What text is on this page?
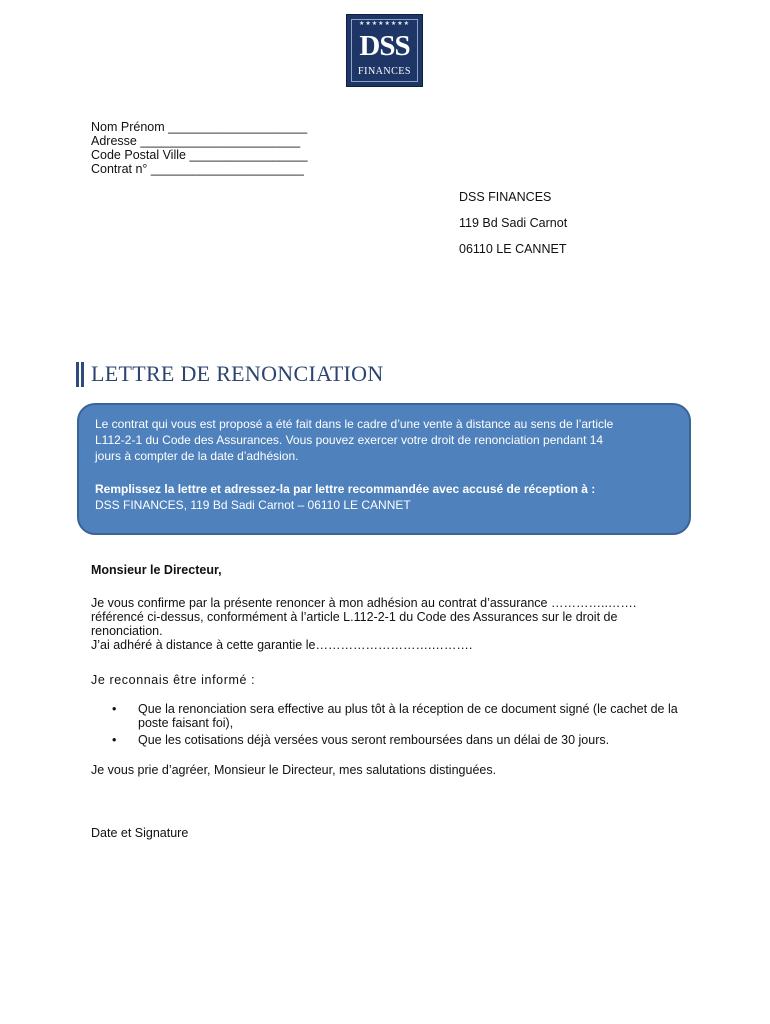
★★★★★★★★
DSS
FINANCES
Nom Prénom ____________________
Adresse _______________________
Code Postal Ville _________________
Contrat n° ______________________
DSS FINANCES
119 Bd Sadi Carnot
06110 LE CANNET
LETTRE DE RENONCIATION
Le contrat qui vous est proposé a été fait dans le cadre d’une vente à distance au sens de l’article
L112-2-1 du Code des Assurances. Vous pouvez exercer votre droit de renonciation pendant 14
jours à compter de la date d’adhésion.
Remplissez la lettre et adressez-la par lettre recommandée avec accusé de réception à :
DSS FINANCES, 119 Bd Sadi Carnot – 06110 LE CANNET
Monsieur le Directeur,
Je vous confirme par la présente renoncer à mon adhésion au contrat d’assurance …………..…….
référencé ci-dessus, conformément à l’article L.112-2-1 du Code des Assurances sur le droit de
renonciation.
J’ai adhéré à distance à cette garantie le……………………….……….
Je reconnais être informé :
• Que la renonciation sera effective au plus tôt à la réception de ce document signé (le cachet de la poste faisant foi),
• Que les cotisations déjà versées vous seront remboursées dans un délai de 30 jours.
Je vous prie d’agréer, Monsieur le Directeur, mes salutations distinguées.
Date et Signature
